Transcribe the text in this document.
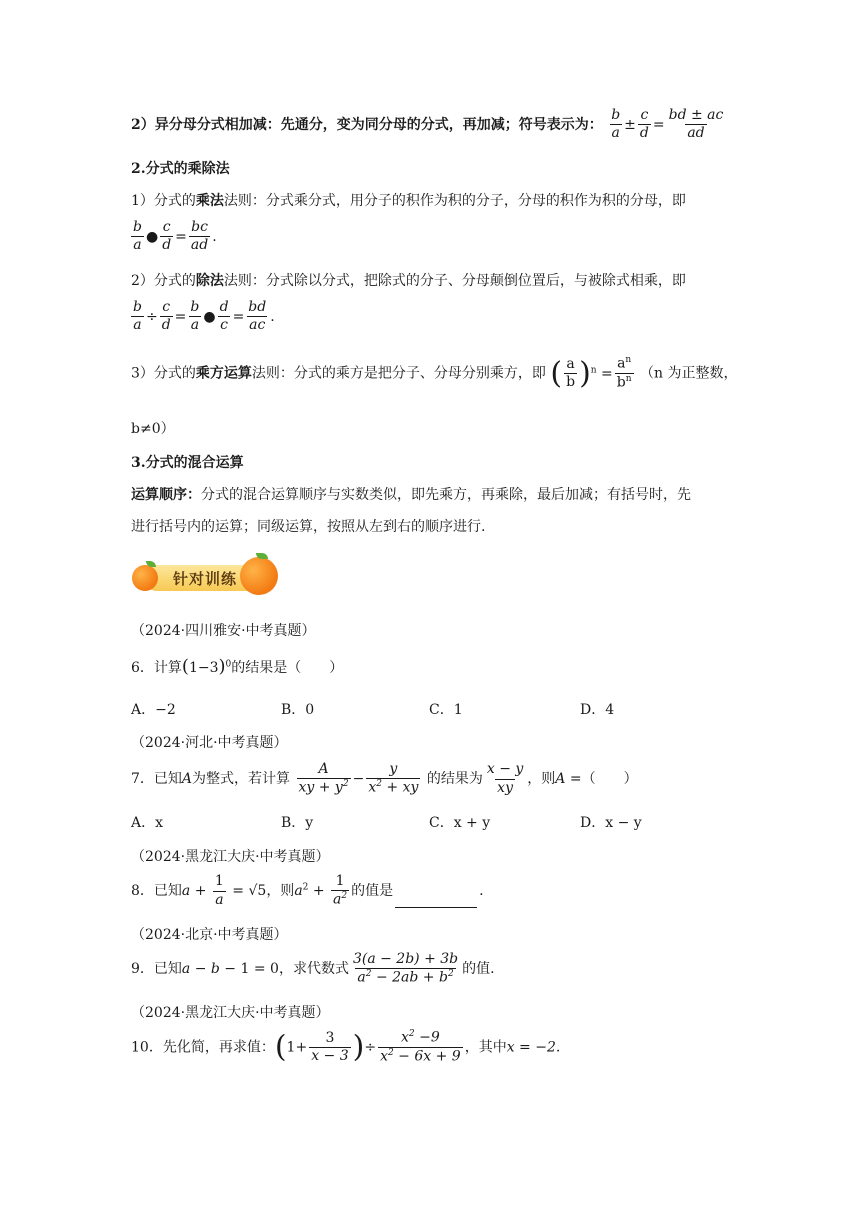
2）异分母分式相加减：先通分，变为同分母的分式，再加减；符号表示为： $\frac{b}{a} \pm \frac{c}{d} = \frac{bd \pm ac}{ad}$
2.分式的乘除法
1）分式的乘法法则：分式乘分式，用分子的积作为积的分子，分母的积作为积的分母，即
$\frac{b}{a}$ ● $\frac{c}{d} = \frac{bc}{ad}$ .
2）分式的除法法则：分式除以分式，把除式的分子、分母颠倒位置后，与被除式相乘，即
$\frac{b}{a} \div \frac{c}{d} = \frac{b}{a}$ ● $\frac{d}{c} = \frac{bd}{ac}$ .
3）分式的乘方运算法则：分式的乘方是把分子、分母分别乘方，即 ( $\frac{a}{b} )^n = \frac{a^n}{b^n} (n$ 为正整数，
b≠0）
3.分式的混合运算
运算顺序：分式的混合运算顺序与实数类似，即先乘方，再乘除，最后加减；有括号时，先
进行括号内的运算；同级运算，按照从左到右的顺序进行.
针对训练
（2024·四川雅安·中考真题）
6．计算$(1-3)^0$的结果是（　　）
A．−2	B．0	C．1	D．4
（2024·河北·中考真题）
7．已知A为整式，若计算 $\frac{A}{xy + y^2} - \frac{y}{x^2 + xy}$ 的结果为 $\frac{x - y}{xy}$ ，则A =（　　）
A．x	B．y	C．x + y	D．x − y
（2024·黑龙江大庆·中考真题）
8．已知$a + \frac{1}{a} = √5$，则$a^2 + \frac{1}{a^2}$ 的值是	.
（2024·北京·中考真题）
9．已知a − b − 1 = 0，求代数式 $\frac{3(a - 2b) + 3b}{a^2 - 2ab + b^2}$ 的值.
（2024·黑龙江大庆·中考真题）
10．先化简，再求值：($1+ \frac{3}{x - 3}$ )÷ $\frac{x^2 -9}{x^2 - 6x + 9}$ ，其中x = −2.
